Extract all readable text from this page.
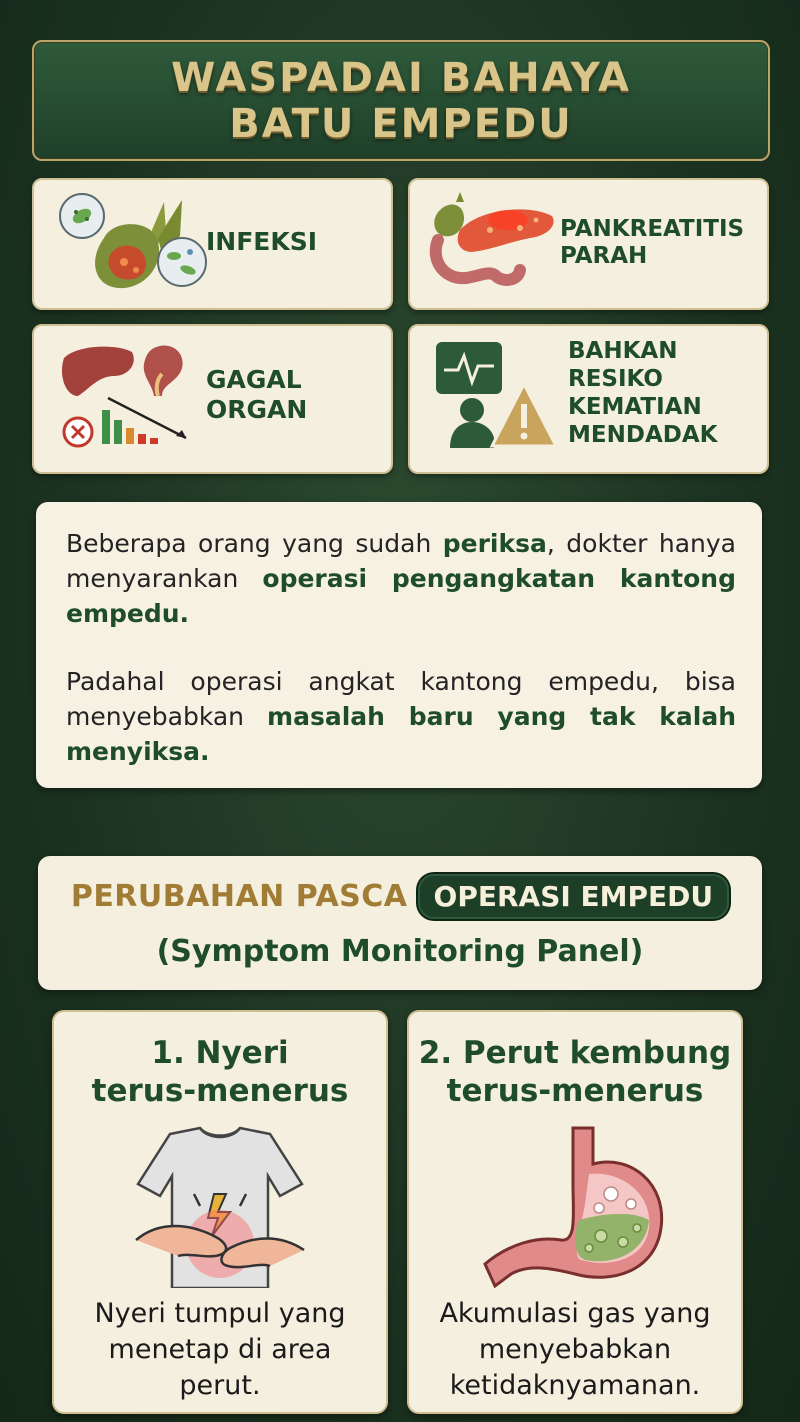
WASPADAI BAHAYA
BATU EMPEDU
INFEKSI	PANKREATITIS
PARAH
GAGAL
ORGAN
BAHKAN
RESIKO
KEMATIAN
MENDADAK
Beberapa orang yang sudah periksa, dokter hanya menyarankan operasi pengangkatan kantong empedu.
Padahal operasi angkat kantong empedu, bisa menyebabkan masalah baru yang tak kalah menyiksa.
PERUBAHAN PASCA OPERASI EMPEDU
(Symptom Monitoring Panel)
1. Nyeri
terus-menerus
Nyeri tumpul yang
menetap di area
perut.
2. Perut kembung
terus-menerus
Akumulasi gas yang
menyebabkan
ketidaknyamanan.
